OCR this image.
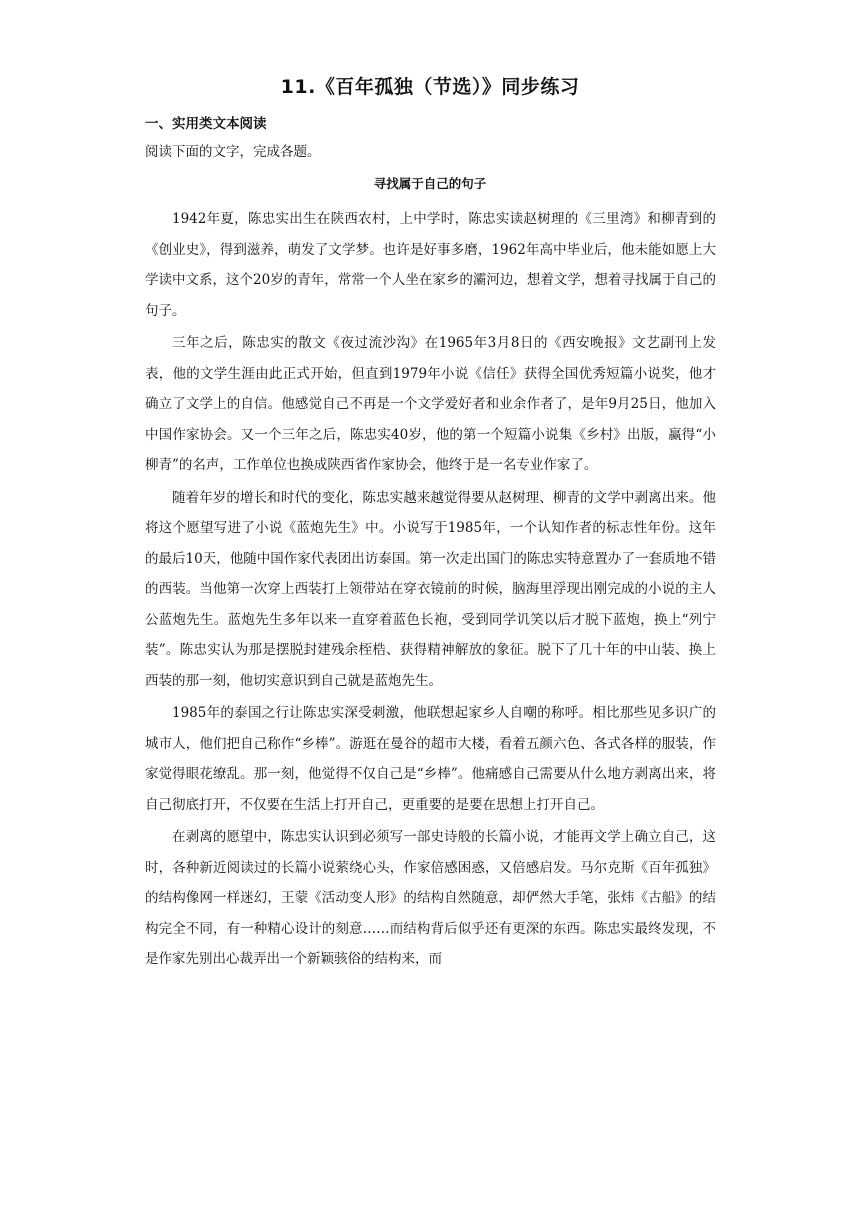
11.《百年孤独（节选）》同步练习
一、实用类文本阅读
阅读下面的文字，完成各题。
寻找属于自己的句子

1942年夏，陈忠实出生在陕西农村，上中学时，陈忠实读赵树理的《三里湾》和柳青到的《创业史》，得到滋养，萌发了文学梦。也许是好事多磨，1962年高中毕业后，他未能如愿上大学读中文系，这个20岁的青年，常常一个人坐在家乡的灞河边，想着文学，想着寻找属于自己的句子。

三年之后，陈忠实的散文《夜过流沙沟》在1965年3月8日的《西安晚报》文艺副刊上发表，他的文学生涯由此正式开始，但直到1979年小说《信任》获得全国优秀短篇小说奖，他才确立了文学上的自信。他感觉自己不再是一个文学爱好者和业余作者了，是年9月25日，他加入中国作家协会。又一个三年之后，陈忠实40岁，他的第一个短篇小说集《乡村》出版，赢得“小柳青”的名声，工作单位也换成陕西省作家协会，他终于是一名专业作家了。

随着年岁的增长和时代的变化，陈忠实越来越觉得要从赵树理、柳青的文学中剥离出来。他将这个愿望写进了小说《蓝炮先生》中。小说写于1985年，一个认知作者的标志性年份。这年的最后10天，他随中国作家代表团出访泰国。第一次走出国门的陈忠实特意置办了一套质地不错的西装。当他第一次穿上西装打上领带站在穿衣镜前的时候，脑海里浮现出刚完成的小说的主人公蓝炮先生。蓝炮先生多年以来一直穿着蓝色长袍，受到同学讥笑以后才脱下蓝炮，换上“列宁装”。陈忠实认为那是摆脱封建残余桎梏、获得精神解放的象征。脱下了几十年的中山装、换上西装的那一刻，他切实意识到自己就是蓝炮先生。

1985年的泰国之行让陈忠实深受刺激，他联想起家乡人自嘲的称呼。相比那些见多识广的城市人，他们把自己称作“乡棒”。游逛在曼谷的超市大楼，看着五颜六色、各式各样的服装，作家觉得眼花缭乱。那一刻，他觉得不仅自己是“乡棒”。他痛感自己需要从什么地方剥离出来，将自己彻底打开，不仅要在生活上打开自己，更重要的是要在思想上打开自己。

在剥离的愿望中，陈忠实认识到必须写一部史诗般的长篇小说，才能再文学上确立自己，这时，各种新近阅读过的长篇小说萦绕心头，作家倍感困惑，又倍感启发。马尔克斯《百年孤独》的结构像网一样迷幻，王蒙《活动变人形》的结构自然随意，却俨然大手笔，张炜《古船》的结构完全不同，有一种精心设计的刻意……而结构背后似乎还有更深的东西。陈忠实最终发现，不是作家先别出心裁弄出一个新颖骇俗的结构来，而
